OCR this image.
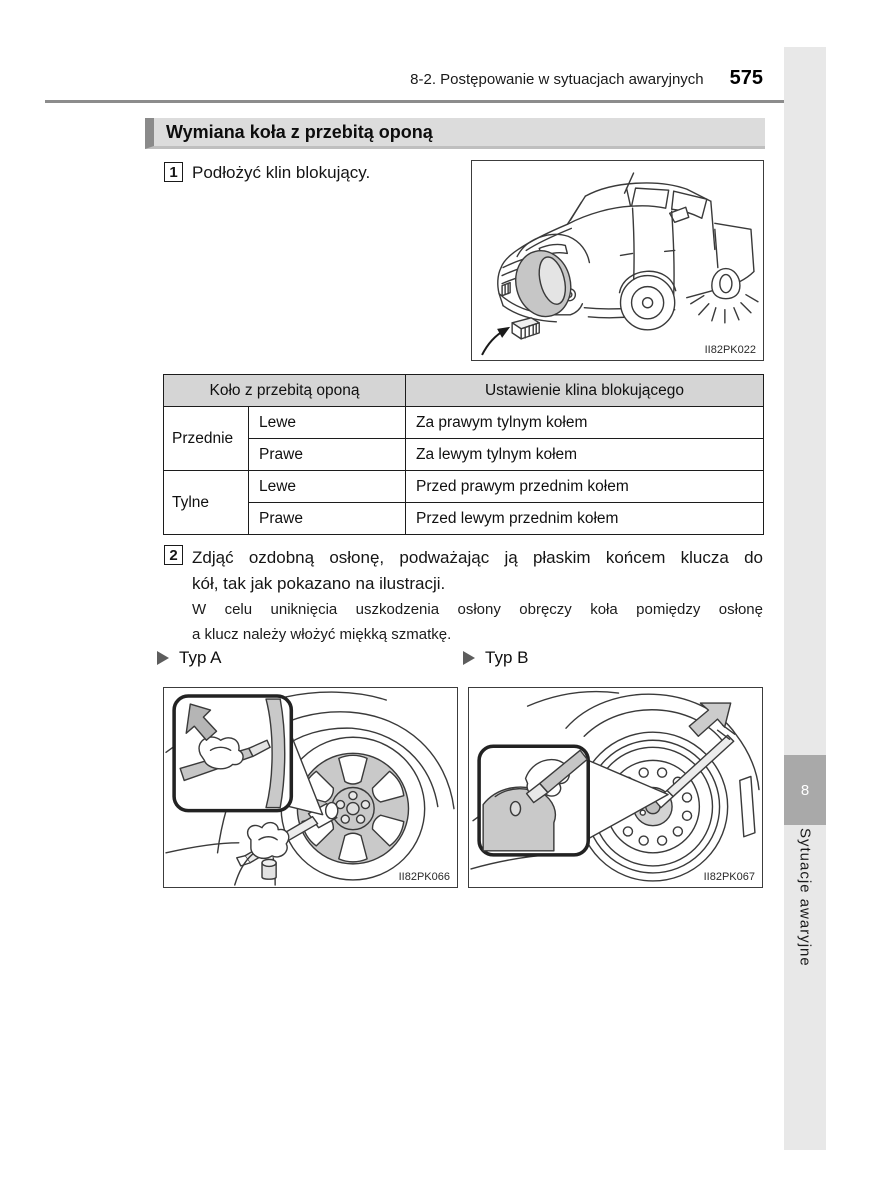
8-2. Postępowanie w sytuacjach awaryjnych 575
8
Sytuacje awaryjne
Wymiana koła z przebitą oponą
1 Podłożyć klin blokujący.
II82PK022
Koło z przebitą oponą		Ustawienie klina blokującego
Przednie	Lewe	Za prawym tylnym kołem
	Prawe	Za lewym tylnym kołem
Tylne	Lewe	Przed prawym przednim kołem
	Prawe	Przed lewym przednim kołem
2 Zdjąć ozdobną osłonę, podważając ją płaskim końcem klucza do
kół, tak jak pokazano na ilustracji.
W celu uniknięcia uszkodzenia osłony obręczy koła pomiędzy osłonę
a klucz należy włożyć miękką szmatkę.
Typ A	Typ B
II82PK066	II82PK067
